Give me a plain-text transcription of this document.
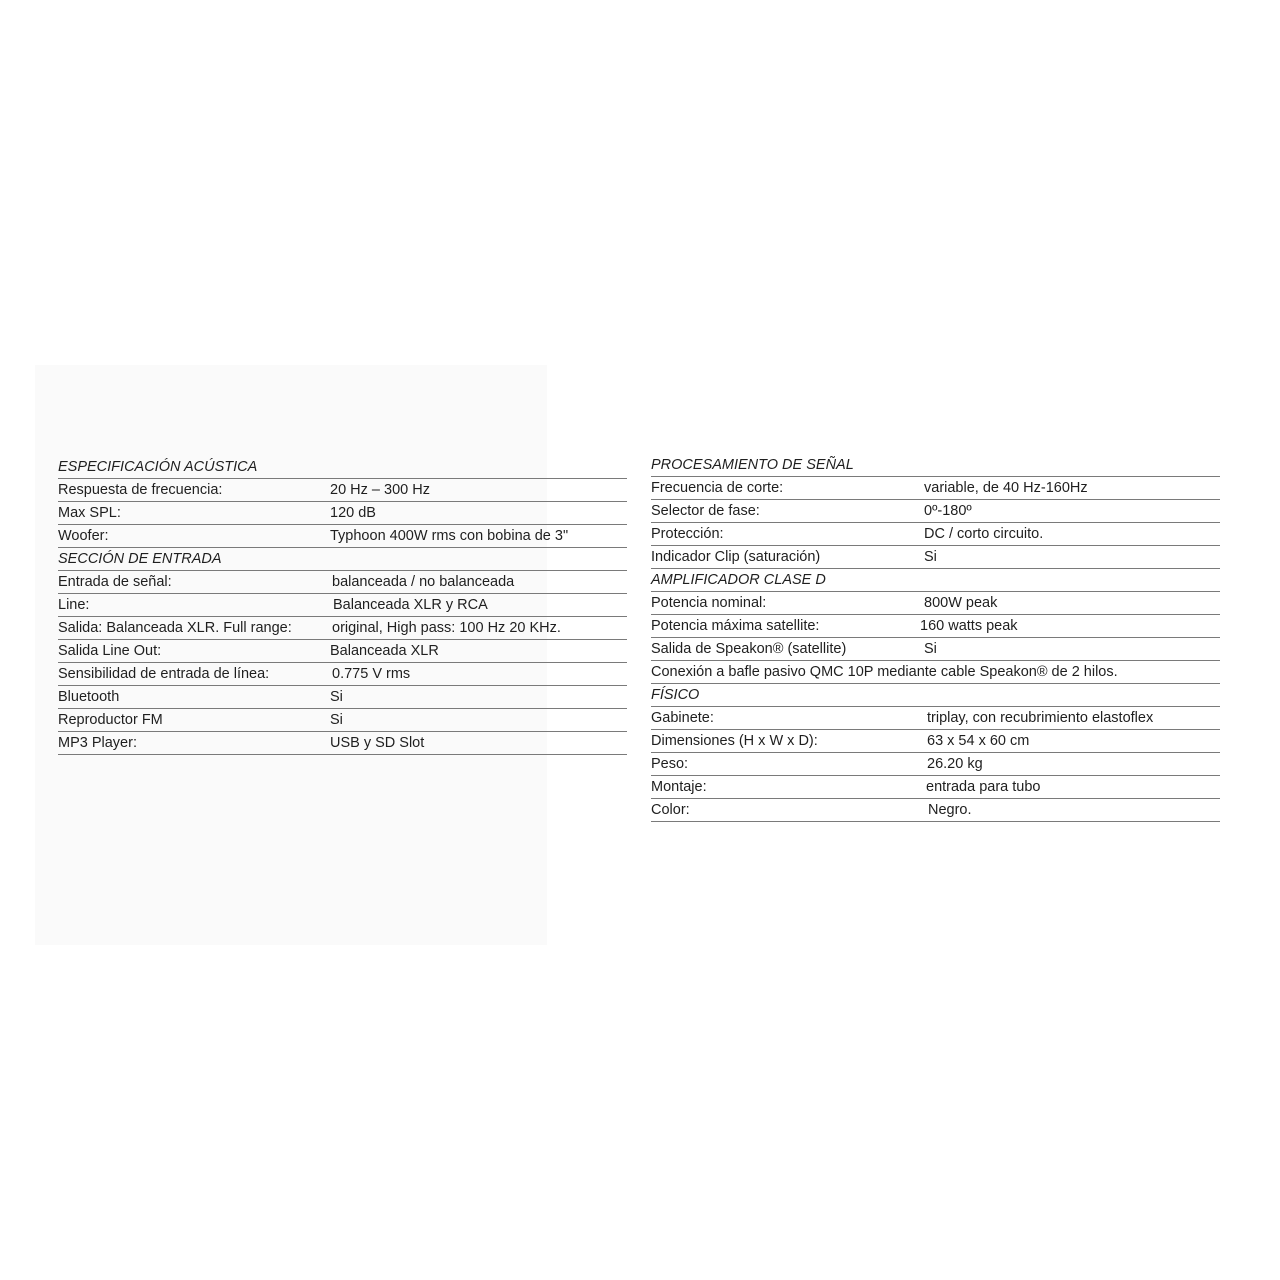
ESPECIFICACIÓN ACÚSTICA
Respuesta de frecuencia:	20 Hz – 300 Hz
Max SPL:	120 dB
Woofer:	Typhoon 400W rms con bobina de 3"
SECCIÓN DE ENTRADA
Entrada de señal:	balanceada / no balanceada
Line:	Balanceada XLR y RCA
Salida: Balanceada XLR. Full range:	original, High pass: 100 Hz 20 KHz.
Salida Line Out:	Balanceada XLR
Sensibilidad de entrada de línea:	0.775 V rms
Bluetooth	Si
Reproductor FM	Si
MP3 Player:	USB y SD Slot
PROCESAMIENTO DE SEÑAL
Frecuencia de corte:	variable, de 40 Hz-160Hz
Selector de fase:	0º-180º
Protección:	DC / corto circuito.
Indicador Clip (saturación)	Si
AMPLIFICADOR CLASE D
Potencia nominal:	800W peak
Potencia máxima satellite:	160 watts peak
Salida de Speakon® (satellite)	Si
Conexión a bafle pasivo QMC 10P mediante cable Speakon® de 2 hilos.
FÍSICO
Gabinete:	triplay, con recubrimiento elastoflex
Dimensiones (H x W x D):	63 x 54 x 60 cm
Peso:	26.20 kg
Montaje:	entrada para tubo
Color:	Negro.
